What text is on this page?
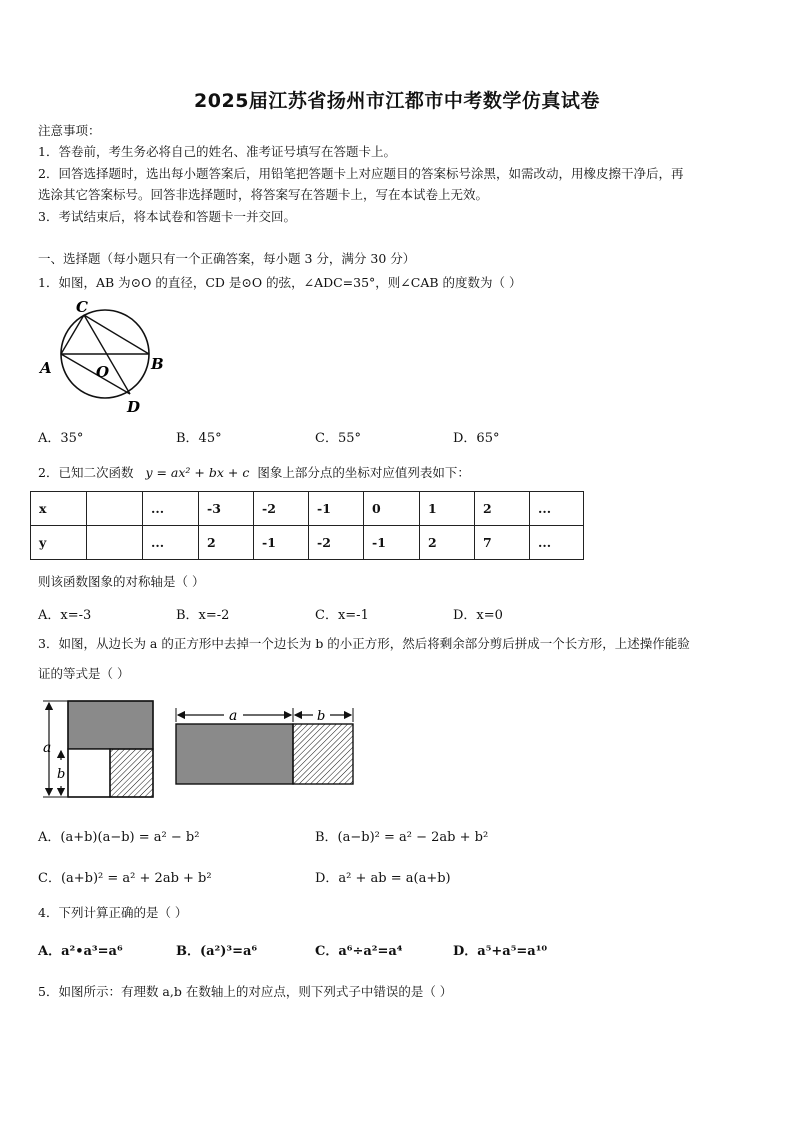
2025届江苏省扬州市江都市中考数学仿真试卷
注意事项：
1．答卷前，考生务必将自己的姓名、准考证号填写在答题卡上。
2．回答选择题时，选出每小题答案后，用铅笔把答题卡上对应题目的答案标号涂黑，如需改动，用橡皮擦干净后，再
选涂其它答案标号。回答非选择题时，将答案写在答题卡上，写在本试卷上无效。
3．考试结束后，将本试卷和答题卡一并交回。
一、选择题（每小题只有一个正确答案，每小题 3 分，满分 30 分）
1．如图，AB 为⊙O 的直径，CD 是⊙O 的弦，∠ADC=35°，则∠CAB 的度数为（ ）
C
A	B
O
D
A．35°	B．45°	C．55°	D．65°
2．已知二次函数 y = ax² + bx + c 图象上部分点的坐标对应值列表如下：
x		...	-3	-2	-1	0	1	2	...
y		...	2	-1	-2	-1	2	7	...
则该函数图象的对称轴是（ ）
A．x=-3	B．x=-2	C．x=-1	D．x=0
3．如图，从边长为 a 的正方形中去掉一个边长为 b 的小正方形，然后将剩余部分剪后拼成一个长方形，上述操作能验
证的等式是（ ）
a
b
a	b
A．(a+b)(a−b) = a² − b²	B．(a−b)² = a² − 2ab + b²
C．(a+b)² = a² + 2ab + b²	D．a² + ab = a(a+b)
4．下列计算正确的是（ ）
A．a²•a³=a⁶	B．(a²)³=a⁶	C．a⁶÷a²=a⁴	D．a⁵+a⁵=a¹⁰
5．如图所示：有理数 a,b 在数轴上的对应点，则下列式子中错误的是（ ）
